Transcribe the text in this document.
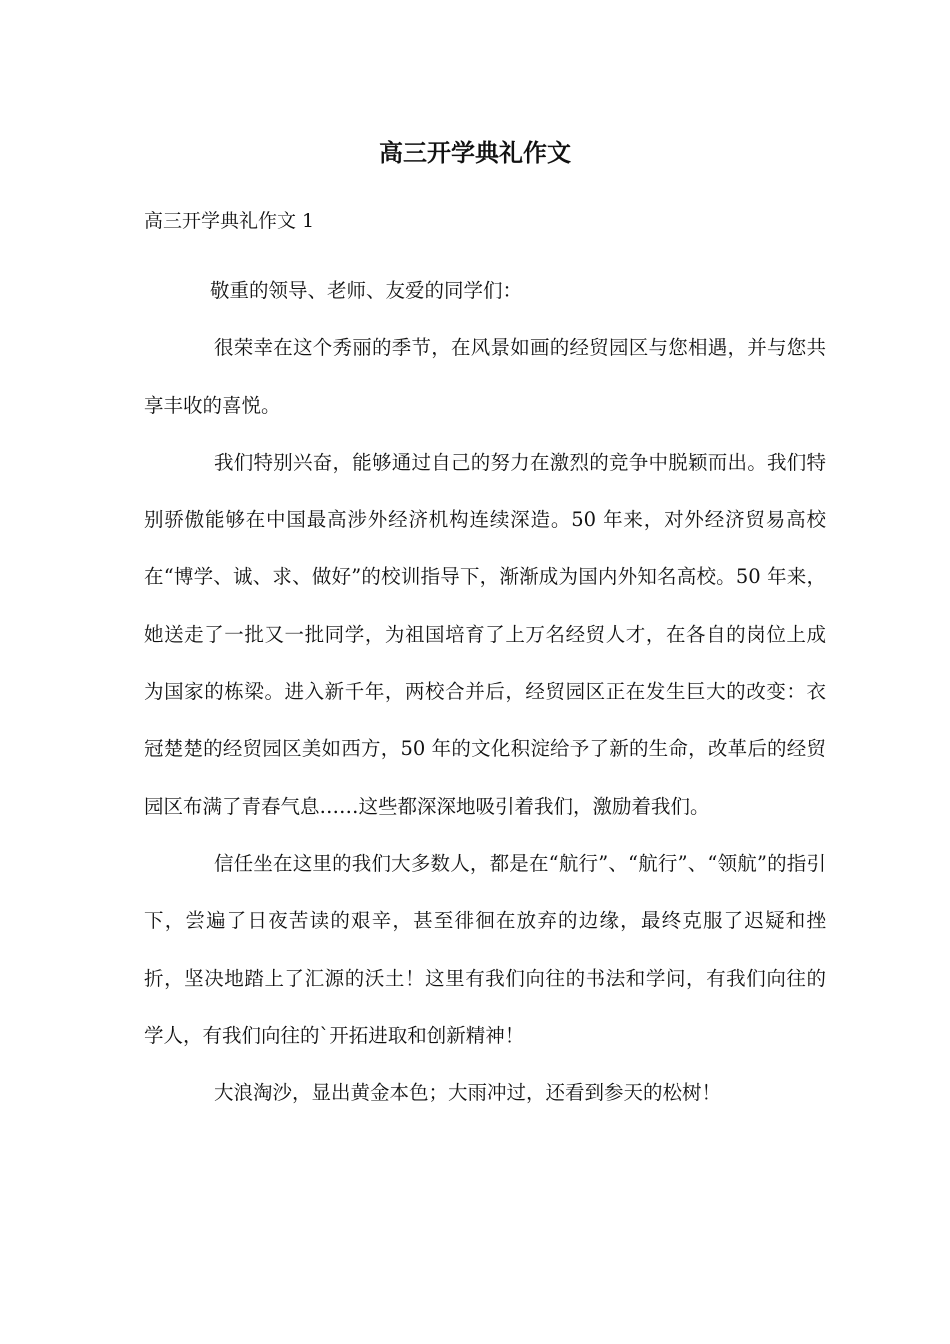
高三开学典礼作文
高三开学典礼作文 1

敬重的领导、老师、友爱的同学们：

很荣幸在这个秀丽的季节，在风景如画的经贸园区与您相遇，并与您共享丰收的喜悦。

我们特别兴奋，能够通过自己的努力在激烈的竞争中脱颖而出。我们特别骄傲能够在中国最高涉外经济机构连续深造。50 年来，对外经济贸易高校在“博学、诚、求、做好”的校训指导下，渐渐成为国内外知名高校。50 年来，她送走了一批又一批同学，为祖国培育了上万名经贸人才，在各自的岗位上成为国家的栋梁。进入新千年，两校合并后，经贸园区正在发生巨大的改变：衣冠楚楚的经贸园区美如西方，50 年的文化积淀给予了新的生命，改革后的经贸园区布满了青春气息……这些都深深地吸引着我们，激励着我们。

信任坐在这里的我们大多数人，都是在“航行”、“航行”、“领航”的指引下，尝遍了日夜苦读的艰辛，甚至徘徊在放弃的边缘，最终克服了迟疑和挫折，坚决地踏上了汇源的沃土！这里有我们向往的书法和学问，有我们向往的学人，有我们向往的`开拓进取和创新精神！

大浪淘沙，显出黄金本色；大雨冲过，还看到参天的松树！
